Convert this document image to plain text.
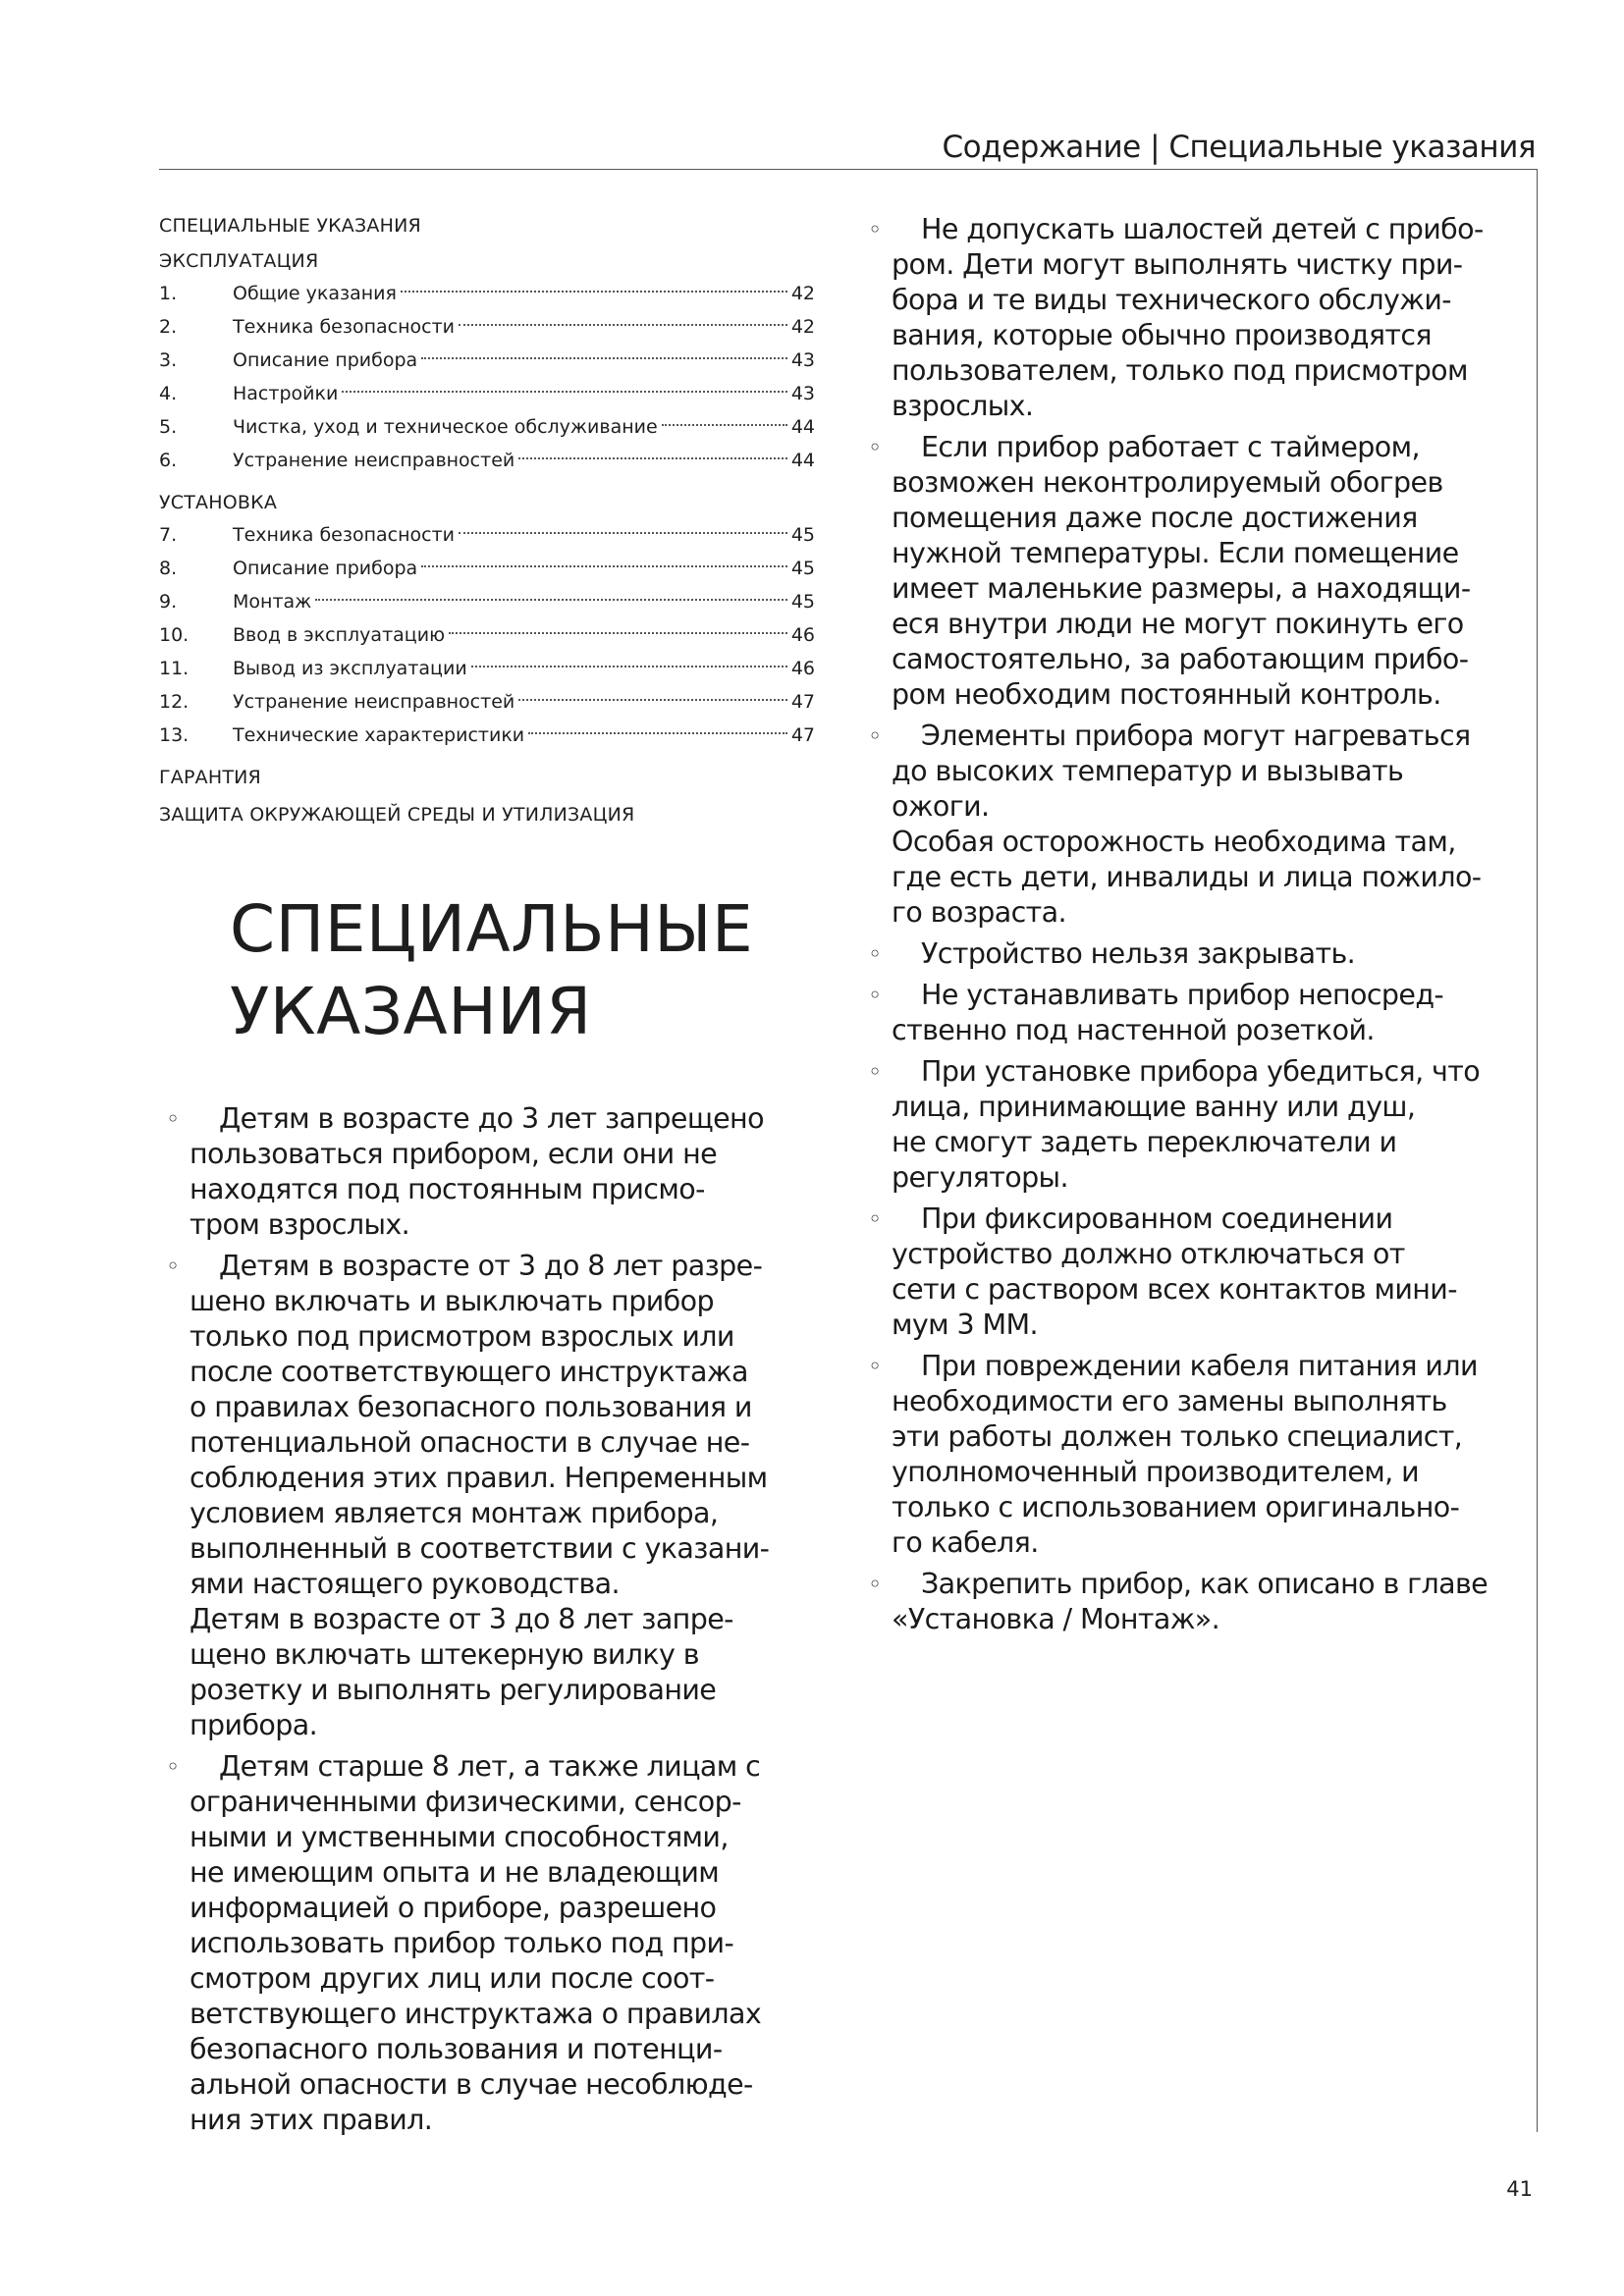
Содержание | Специальные указания
СПЕЦИАЛЬНЫЕ УКАЗАНИЯ
ЭКСПЛУАТАЦИЯ
1.	Общие указания	42
2.	Техника безопасности	42
3.	Описание прибора	43
4.	Настройки	43
5.	Чистка, уход и техническое обслуживание	44
6.	Устранение неисправностей	44
УСТАНОВКА
7.	Техника безопасности	45
8.	Описание прибора	45
9.	Монтаж	45
10.	Ввод в эксплуатацию	46
11.	Вывод из эксплуатации	46
12.	Устранение неисправностей	47
13.	Технические характеристики	47
ГАРАНТИЯ
ЗАЩИТА ОКРУЖАЮЩЕЙ СРЕДЫ И УТИЛИЗАЦИЯ
СПЕЦИАЛЬНЫЕ
УКАЗАНИЯ
◦ Детям в возрасте до 3 лет запрещено
пользоваться прибором, если они не
находятся под постоянным присмо-
тром взрослых.
◦ Детям в возрасте от 3 до 8 лет разре-
шено включать и выключать прибор
только под присмотром взрослых или
после соответствующего инструктажа
о правилах безопасного пользования и
потенциальной опасности в случае не-
соблюдения этих правил. Непременным
условием является монтаж прибора,
выполненный в соответствии с указани-
ями настоящего руководства.
Детям в возрасте от 3 до 8 лет запре-
щено включать штекерную вилку в
розетку и выполнять регулирование
прибора.
◦ Детям старше 8 лет, а также лицам с
ограниченными физическими, сенсор-
ными и умственными способностями,
не имеющим опыта и не владеющим
информацией о приборе, разрешено
использовать прибор только под при-
смотром других лиц или после соот-
ветствующего инструктажа о правилах
безопасного пользования и потенци-
альной опасности в случае несоблюде-
ния этих правил.
◦ Не допускать шалостей детей с прибо-
ром. Дети могут выполнять чистку при-
бора и те виды технического обслужи-
вания, которые обычно производятся
пользователем, только под присмотром
взрослых.
◦ Если прибор работает с таймером,
возможен неконтролируемый обогрев
помещения даже после достижения
нужной температуры. Если помещение
имеет маленькие размеры, а находящи-
еся внутри люди не могут покинуть его
самостоятельно, за работающим прибо-
ром необходим постоянный контроль.
◦ Элементы прибора могут нагреваться
до высоких температур и вызывать
ожоги.
Особая осторожность необходима там,
где есть дети, инвалиды и лица пожило-
го возраста.
◦ Устройство нельзя закрывать.
◦ Не устанавливать прибор непосред-
ственно под настенной розеткой.
◦ При установке прибора убедиться, что
лица, принимающие ванну или душ,
не смогут задеть переключатели и
регуляторы.
◦ При фиксированном соединении
устройство должно отключаться от
сети с раствором всех контактов мини-
мум 3 ММ.
◦ При повреждении кабеля питания или
необходимости его замены выполнять
эти работы должен только специалист,
уполномоченный производителем, и
только с использованием оригинально-
го кабеля.
◦ Закрепить прибор, как описано в главе
«Установка / Монтаж».
41
